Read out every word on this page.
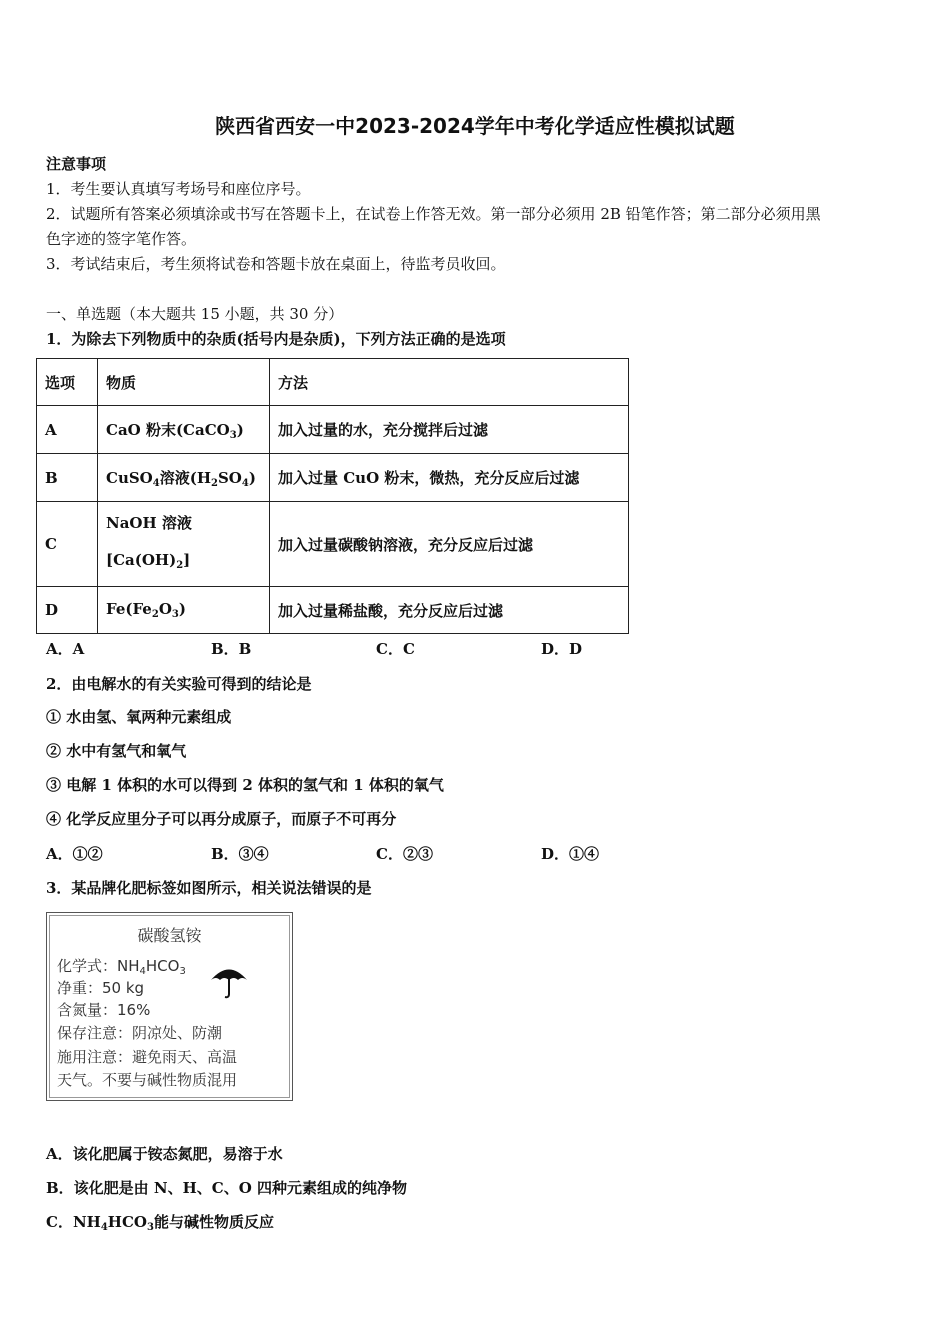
陕西省西安一中2023-2024学年中考化学适应性模拟试题
注意事项
1．考生要认真填写考场号和座位序号。
2．试题所有答案必须填涂或书写在答题卡上，在试卷上作答无效。第一部分必须用 2B 铅笔作答；第二部分必须用黑
色字迹的签字笔作答。
3．考试结束后，考生须将试卷和答题卡放在桌面上，待监考员收回。
一、单选题（本大题共 15 小题，共 30 分）
1．为除去下列物质中的杂质(括号内是杂质)，下列方法正确的是选项
选项	物质	方法
A	CaO 粉末(CaCO$_3$)	加入过量的水，充分搅拌后过滤
B	CuSO$_4$溶液$(H_2SO_4)$	加入过量 CuO 粉末，微热，充分反应后过滤
C	NaOH 溶液
$[Ca(OH)_2]$	加入过量碳酸钠溶液，充分反应后过滤
D	$Fe(Fe_2O_3)$	加入过量稀盐酸，充分反应后过滤
A．A	B．B	C．C	D．D
2．由电解水的有关实验可得到的结论是
① 水由氢、氧两种元素组成
② 水中有氢气和氧气
③ 电解 1 体积的水可以得到 2 体积的氢气和 1 体积的氧气
④ 化学反应里分子可以再分成原子，而原子不可再分
A．①②	B．③④	C．②③	D．①④
3．某品牌化肥标签如图所示，相关说法错误的是
碳酸氢铵
化学式：$NH_4HCO_3$
净重：50 kg
含氮量：16%
保存注意：阴凉处、防潮
施用注意：避免雨天、高温
天气。不要与碱性物质混用
A．该化肥属于铵态氮肥，易溶于水
B．该化肥是由 N、H、C、O 四种元素组成的纯净物
C．$NH_4HCO_3$能与碱性物质反应
